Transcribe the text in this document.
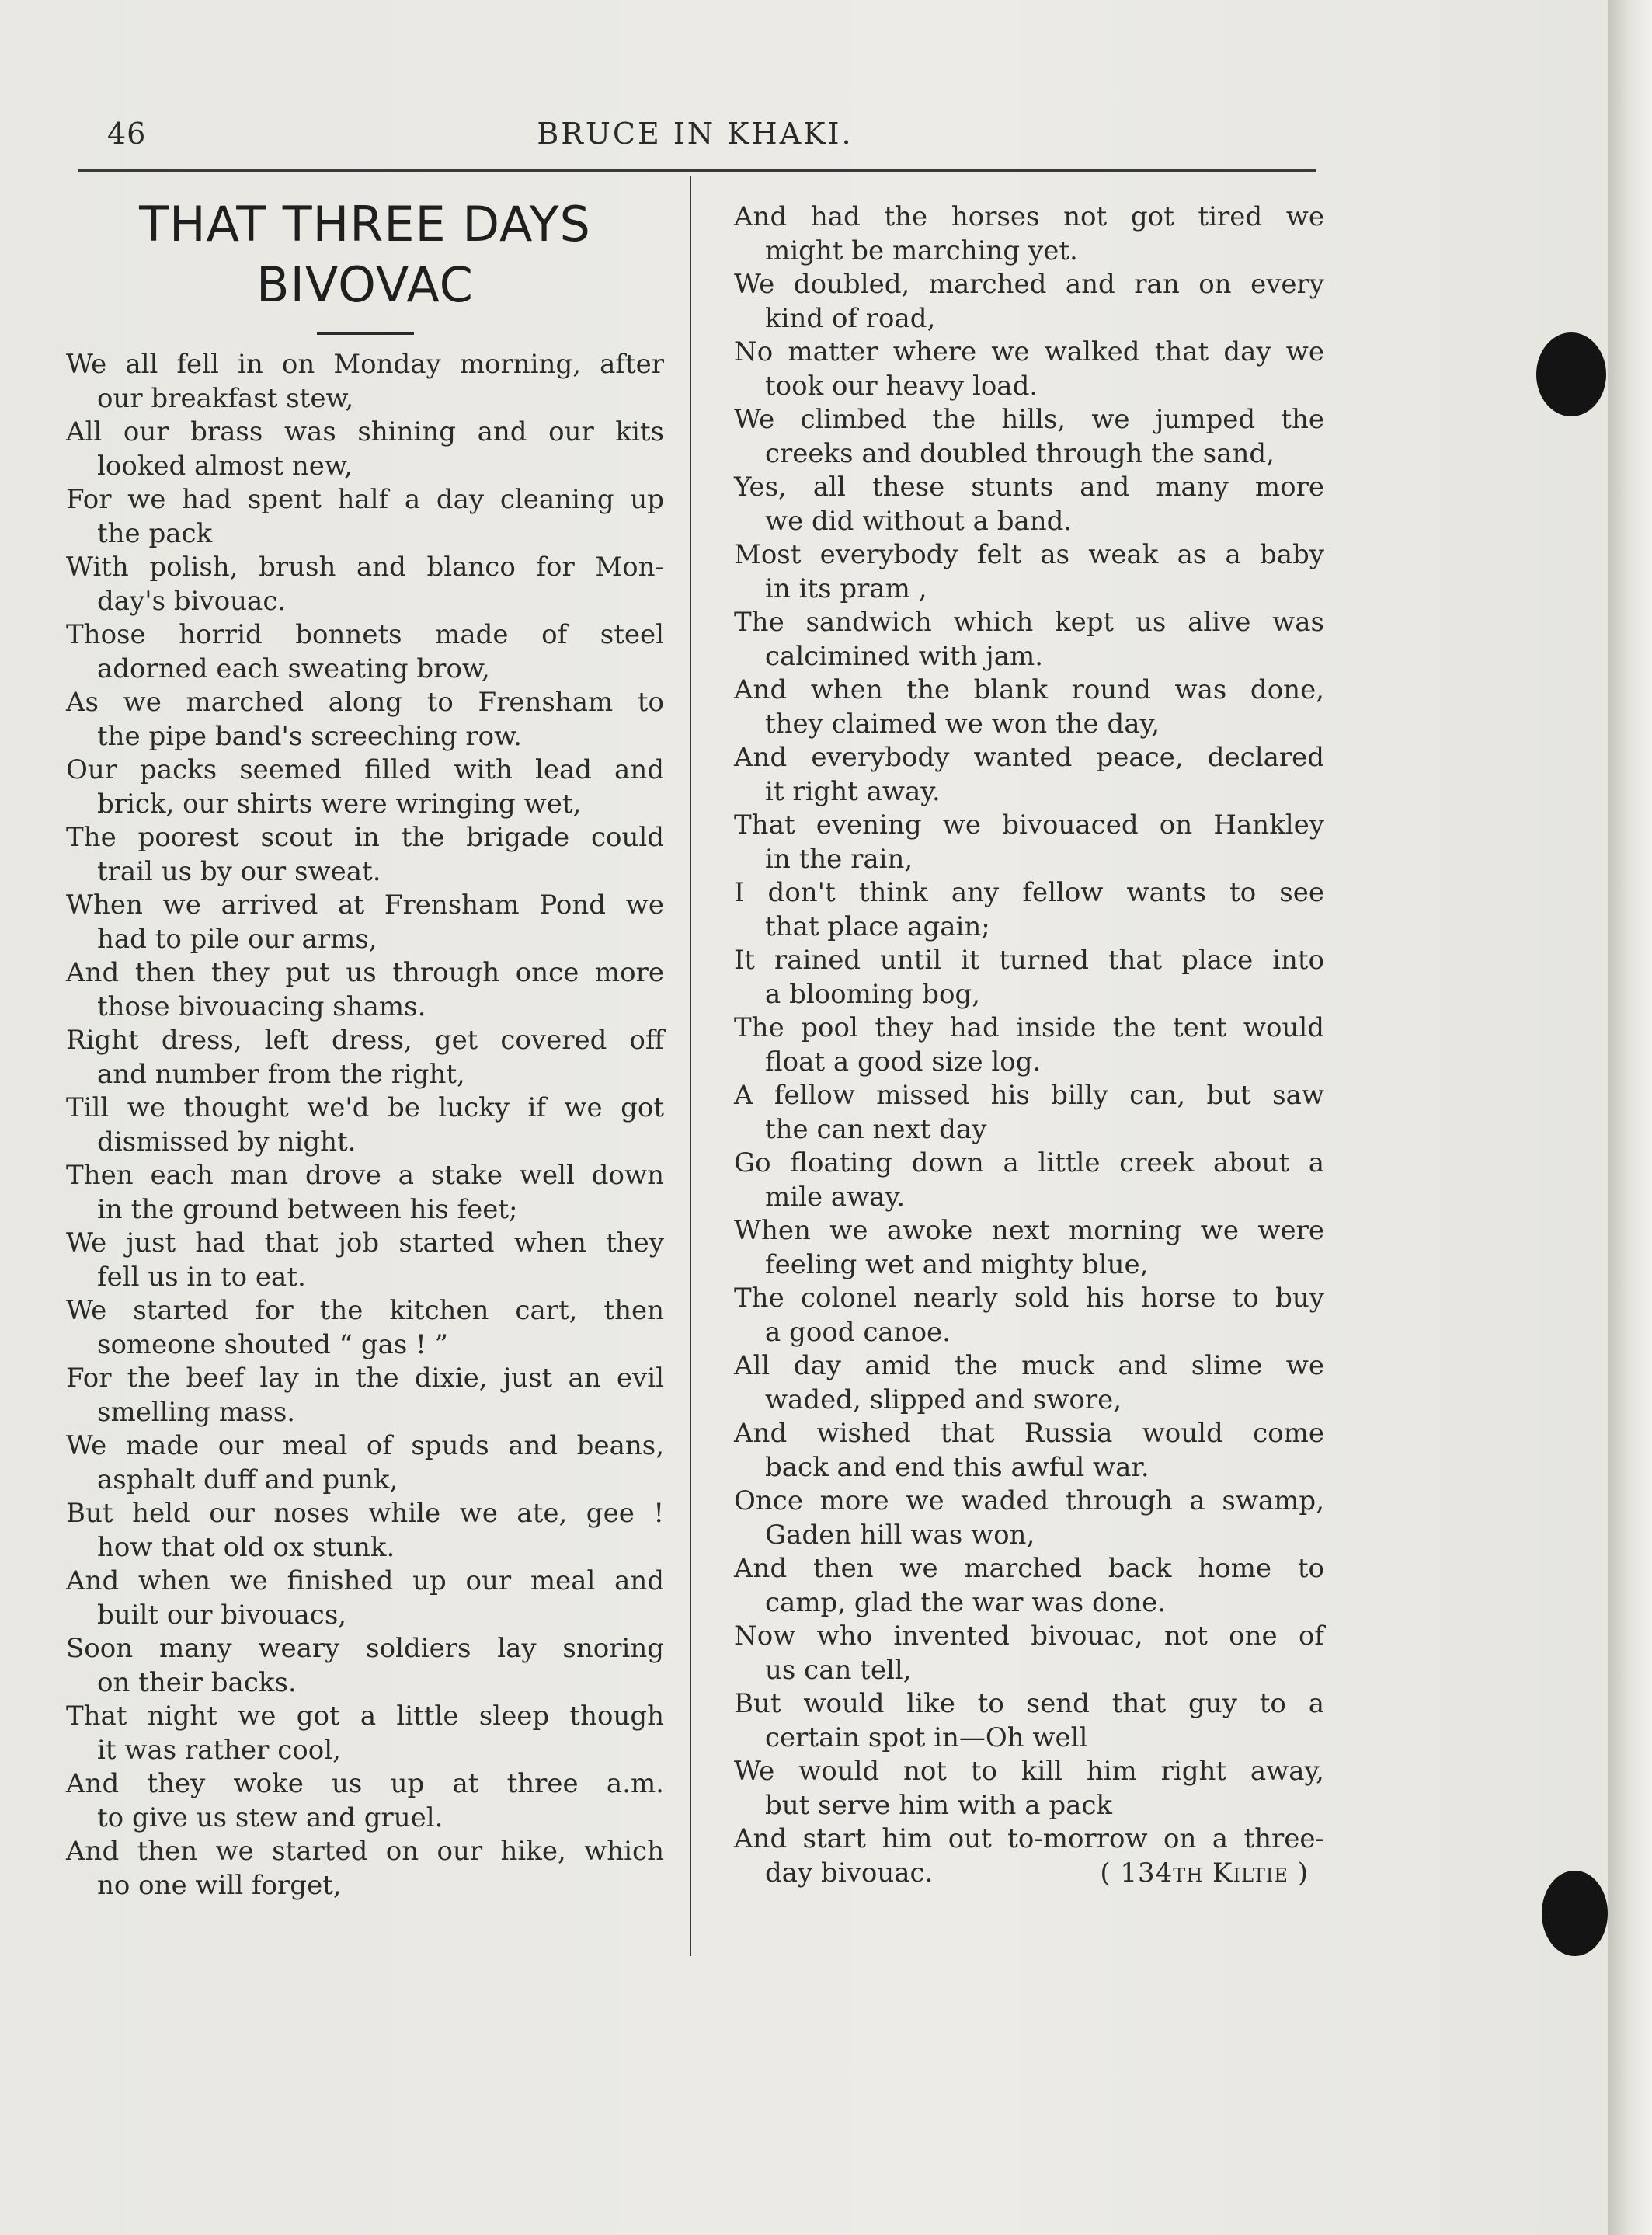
46	BRUCE IN KHAKI.
THAT THREE DAYS
BIVOVAC
We all fell in on Monday morning, after
our breakfast stew,
All our brass was shining and our kits
looked almost new,
For we had spent half a day cleaning up
the pack
With polish, brush and blanco for Mon-
day's bivouac.
Those horrid bonnets made of steel
adorned each sweating brow,
As we marched along to Frensham to
the pipe band's screeching row.
Our packs seemed filled with lead and
brick, our shirts were wringing wet,
The poorest scout in the brigade could
trail us by our sweat.
When we arrived at Frensham Pond we
had to pile our arms,
And then they put us through once more
those bivouacing shams.
Right dress, left dress, get covered off
and number from the right,
Till we thought we'd be lucky if we got
dismissed by night.
Then each man drove a stake well down
in the ground between his feet;
We just had that job started when they
fell us in to eat.
We started for the kitchen cart, then
someone shouted “ gas ! ”
For the beef lay in the dixie, just an evil
smelling mass.
We made our meal of spuds and beans,
asphalt duff and punk,
But held our noses while we ate, gee !
how that old ox stunk.
And when we finished up our meal and
built our bivouacs,
Soon many weary soldiers lay snoring
on their backs.
That night we got a little sleep though
it was rather cool,
And they woke us up at three a.m.
to give us stew and gruel.
And then we started on our hike, which
no one will forget,
And had the horses not got tired we
might be marching yet.
We doubled, marched and ran on every
kind of road,
No matter where we walked that day we
took our heavy load.
We climbed the hills, we jumped the
creeks and doubled through the sand,
Yes, all these stunts and many more
we did without a band.
Most everybody felt as weak as a baby
in its pram ,
The sandwich which kept us alive was
calcimined with jam.
And when the blank round was done,
they claimed we won the day,
And everybody wanted peace, declared
it right away.
That evening we bivouaced on Hankley
in the rain,
I don't think any fellow wants to see
that place again;
It rained until it turned that place into
a blooming bog,
The pool they had inside the tent would
float a good size log.
A fellow missed his billy can, but saw
the can next day
Go floating down a little creek about a
mile away.
When we awoke next morning we were
feeling wet and mighty blue,
The colonel nearly sold his horse to buy
a good canoe.
All day amid the muck and slime we
waded, slipped and swore,
And wished that Russia would come
back and end this awful war.
Once more we waded through a swamp,
Gaden hill was won,
And then we marched back home to
camp, glad the war was done.
Now who invented bivouac, not one of
us can tell,
But would like to send that guy to a
certain spot in—Oh well
We would not to kill him right away,
but serve him with a pack
And start him out to-morrow on a three-
day bivouac.	( 134th Kiltie )
